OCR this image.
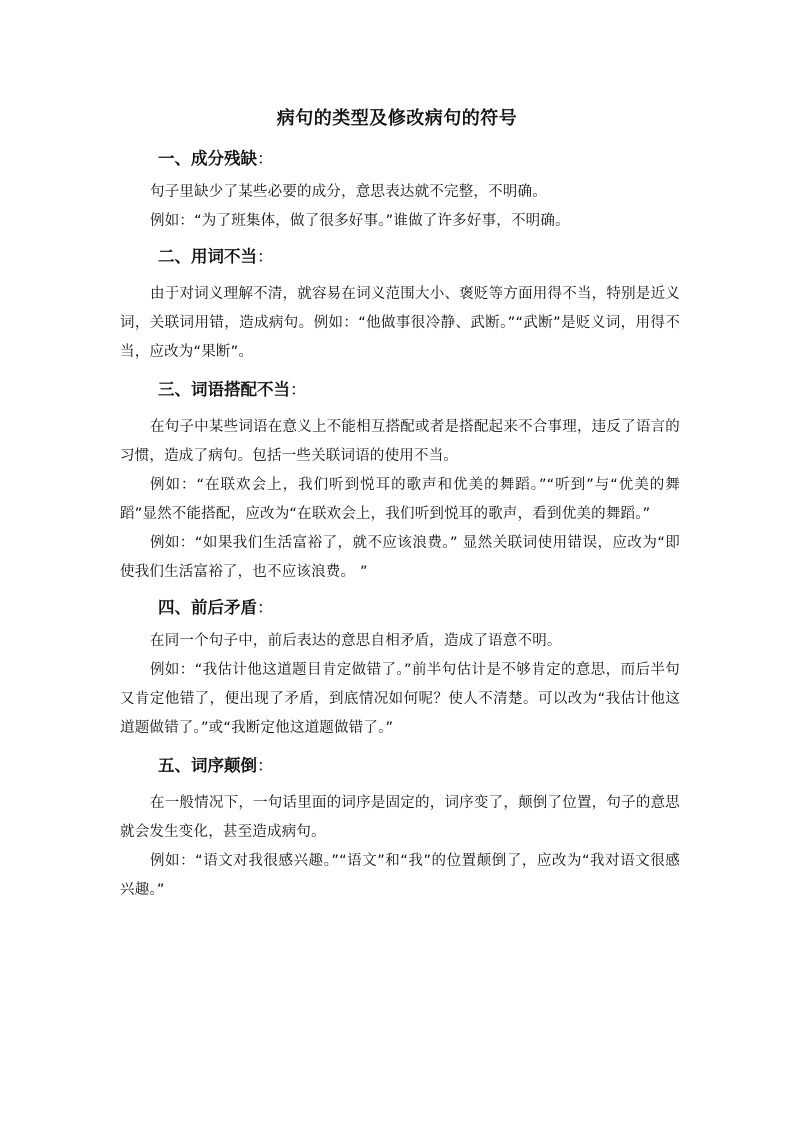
病句的类型及修改病句的符号
一、成分残缺：

句子里缺少了某些必要的成分，意思表达就不完整，不明确。

例如：“为了班集体，做了很多好事。”谁做了许多好事，不明确。

二、用词不当：

由于对词义理解不清，就容易在词义范围大小、褒贬等方面用得不当，特别是近义词，关联词用错，造成病句。例如：“他做事很冷静、武断。”“武断”是贬义词，用得不当，应改为“果断”。

三、词语搭配不当：

在句子中某些词语在意义上不能相互搭配或者是搭配起来不合事理，违反了语言的习惯，造成了病句。包括一些关联词语的使用不当。

例如：“在联欢会上，我们听到悦耳的歌声和优美的舞蹈。”“听到”与“优美的舞蹈”显然不能搭配，应改为“在联欢会上，我们听到悦耳的歌声，看到优美的舞蹈。”

例如：“如果我们生活富裕了，就不应该浪费。” 显然关联词使用错误，应改为“即使我们生活富裕了，也不应该浪费。 ”

四、前后矛盾：

在同一个句子中，前后表达的意思自相矛盾，造成了语意不明。

例如：“我估计他这道题目肯定做错了。”前半句估计是不够肯定的意思，而后半句又肯定他错了，便出现了矛盾，到底情况如何呢？使人不清楚。可以改为“我估计他这道题做错了。”或“我断定他这道题做错了。”

五、词序颠倒：

在一般情况下，一句话里面的词序是固定的，词序变了，颠倒了位置，句子的意思就会发生变化，甚至造成病句。

例如：“语文对我很感兴趣。”“语文”和“我”的位置颠倒了，应改为“我对语文很感兴趣。”
